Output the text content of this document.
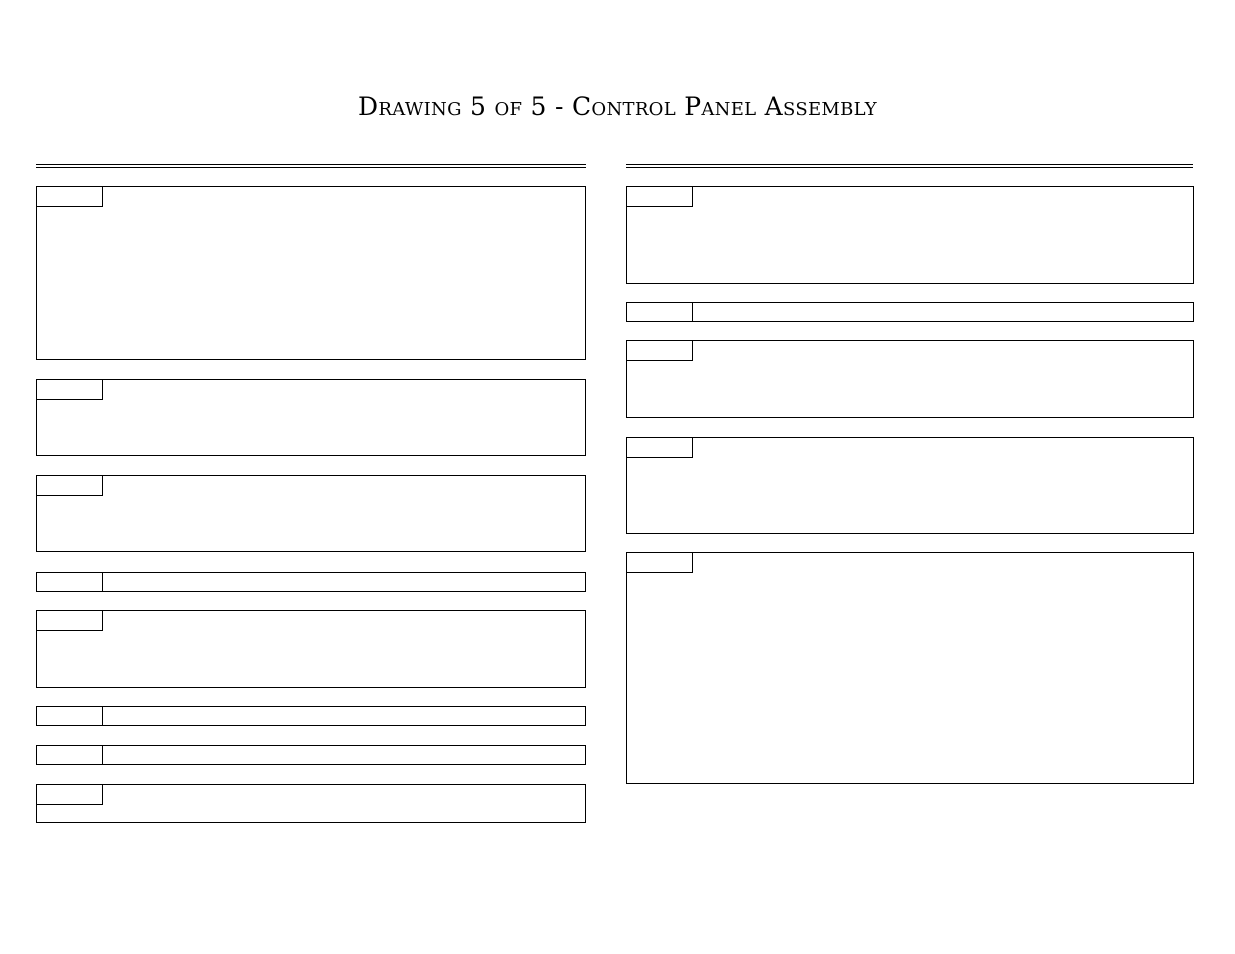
Drawing 5 of 5 - Control Panel Assembly
